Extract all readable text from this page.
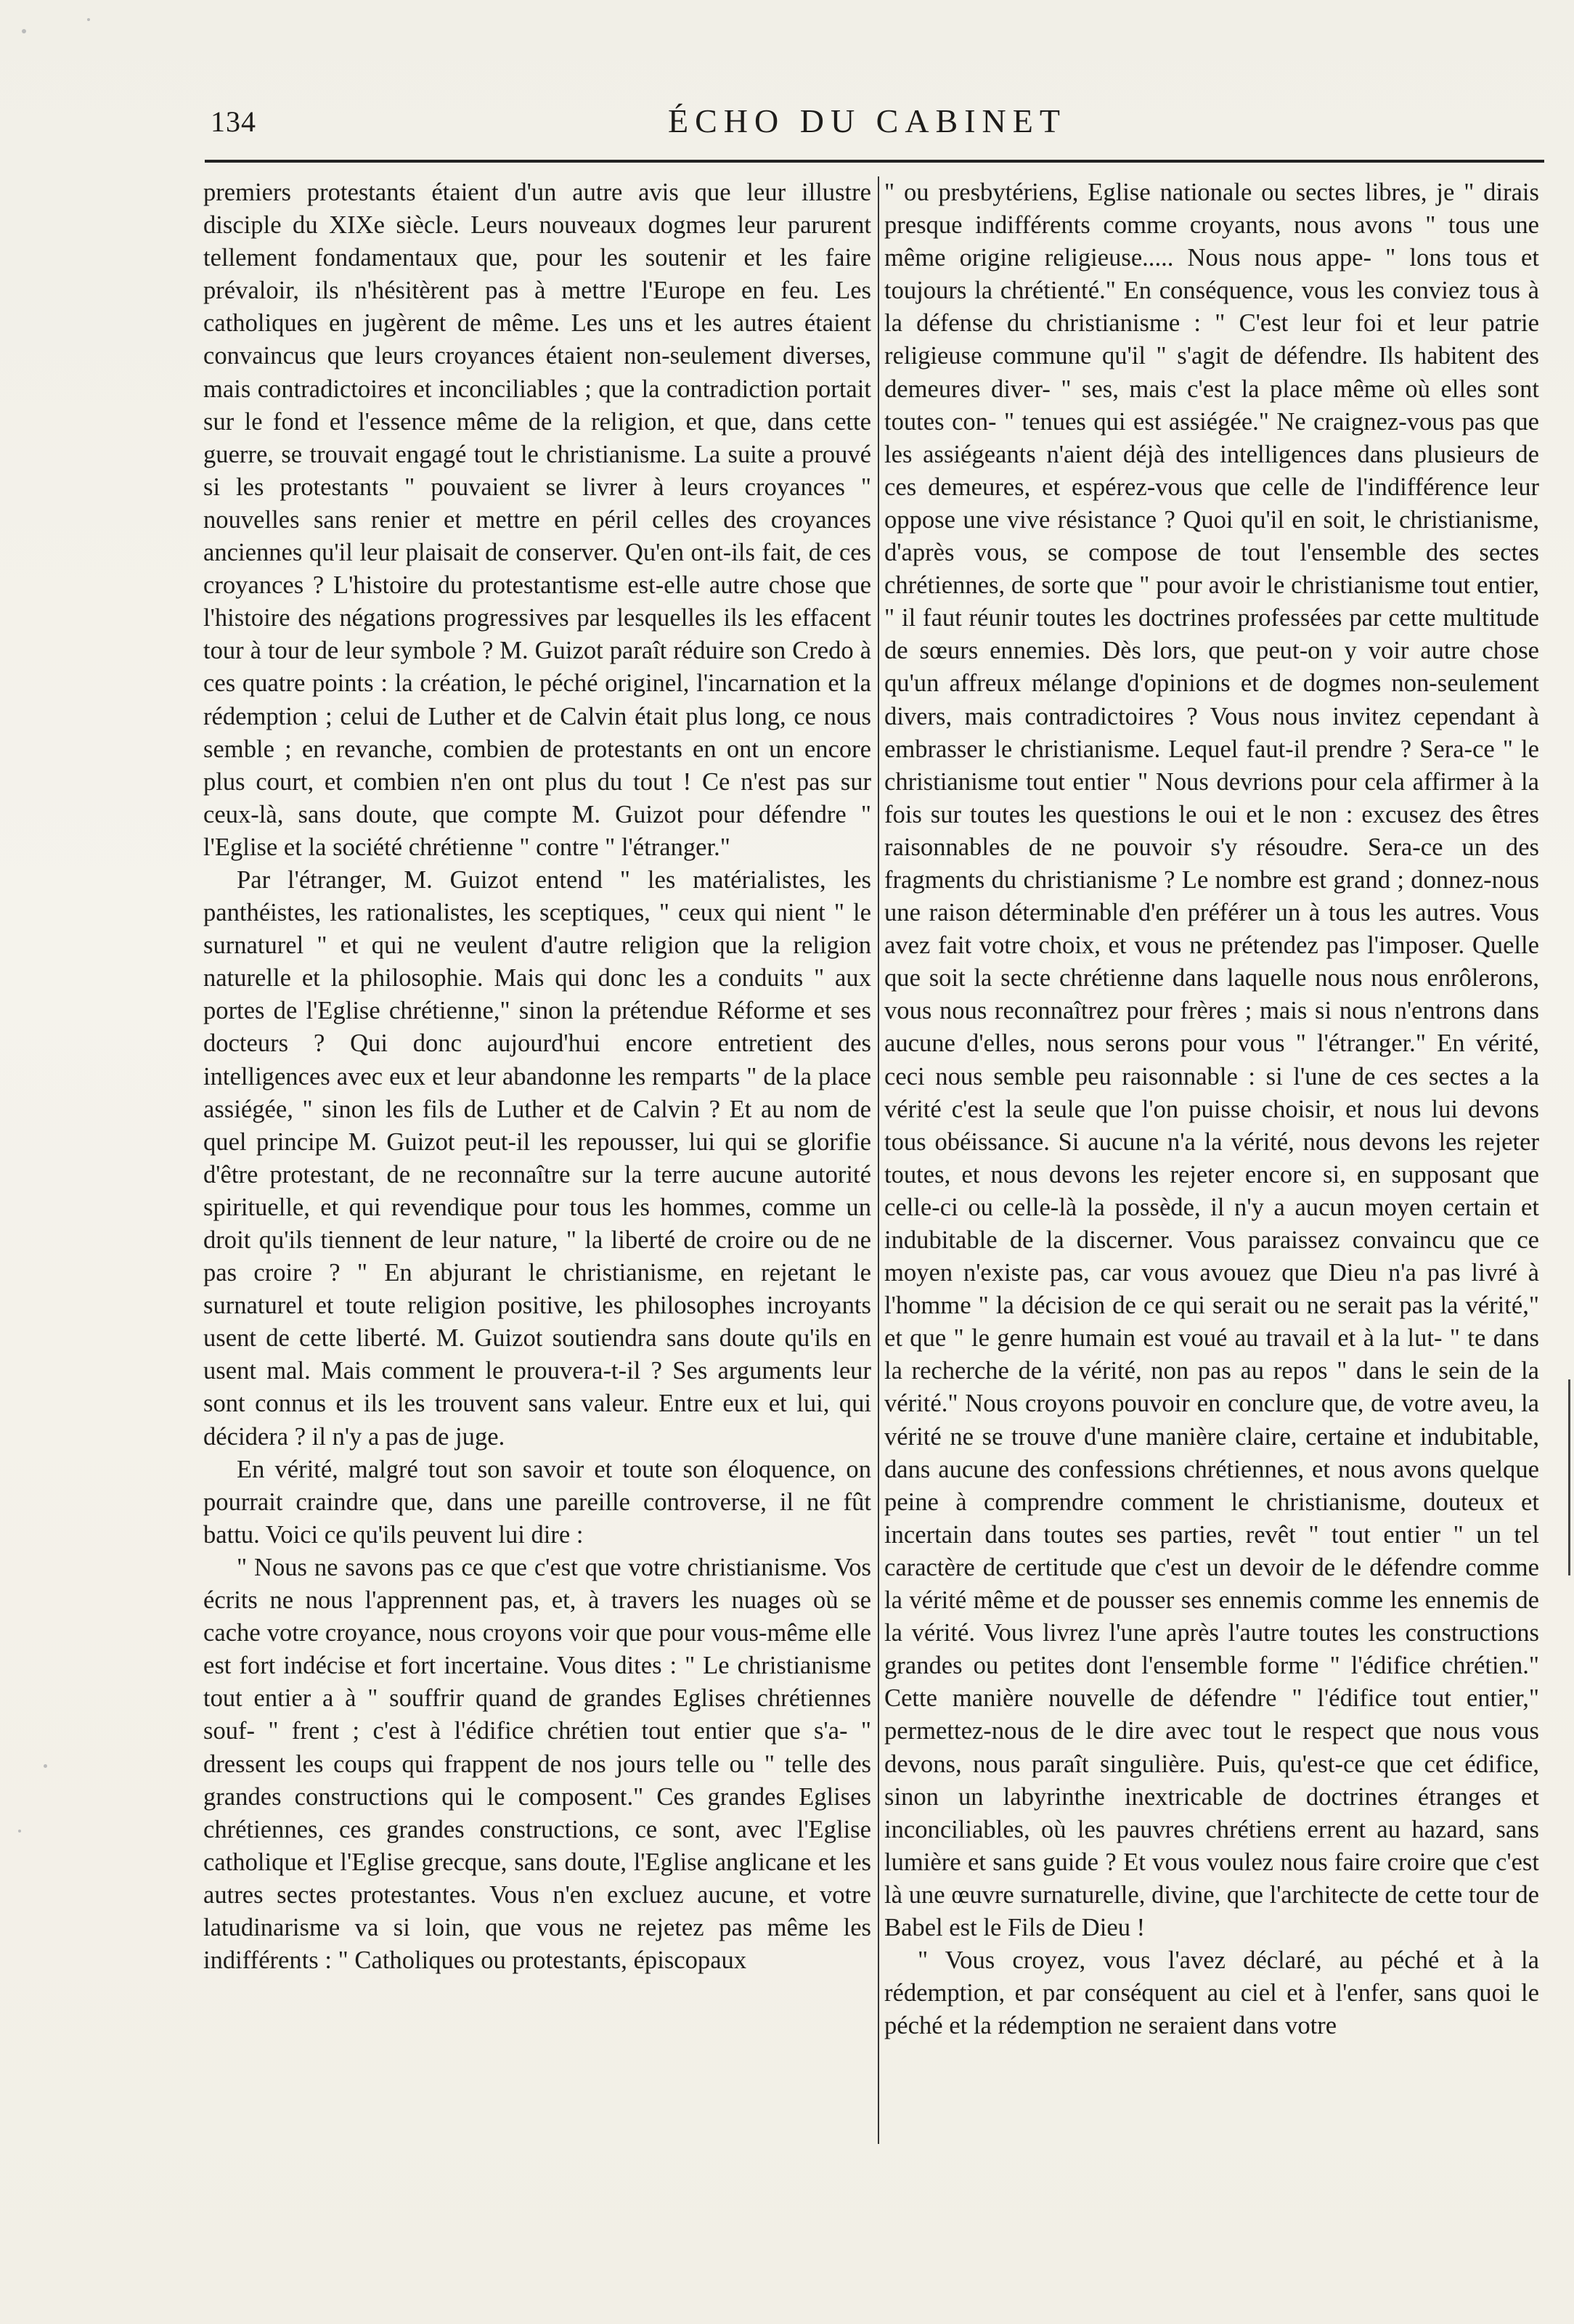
134	ÉCHO DU CABINET

premiers protestants étaient d'un autre avis que leur illustre disciple du XIXe siècle. Leurs nouveaux dogmes leur parurent tellement fondamentaux que, pour les soutenir et les faire prévaloir, ils n'hésitèrent pas à mettre l'Europe en feu. Les catholiques en jugèrent de même. Les uns et les autres étaient convaincus que leurs croyances étaient non-seulement diverses, mais contradictoires et inconciliables ; que la contradiction portait sur le fond et l'essence même de la religion, et que, dans cette guerre, se trouvait engagé tout le christianisme. La suite a prouvé si les protestants " pouvaient se livrer à leurs croyances " nouvelles sans renier et mettre en péril celles des croyances anciennes qu'il leur plaisait de conserver. Qu'en ont-ils fait, de ces croyances ? L'histoire du protestantisme est-elle autre chose que l'histoire des négations progressives par lesquelles ils les effacent tour à tour de leur symbole ? M. Guizot paraît réduire son Credo à ces quatre points : la création, le péché originel, l'incarnation et la rédemption ; celui de Luther et de Calvin était plus long, ce nous semble ; en revanche, combien de protestants en ont un encore plus court, et combien n'en ont plus du tout ! Ce n'est pas sur ceux-là, sans doute, que compte M. Guizot pour défendre " l'Eglise et la société chrétienne " contre " l'étranger."

Par l'étranger, M. Guizot entend " les matérialistes, les panthéistes, les rationalistes, les sceptiques, " ceux qui nient " le surnaturel " et qui ne veulent d'autre religion que la religion naturelle et la philosophie. Mais qui donc les a conduits " aux portes de l'Eglise chrétienne," sinon la prétendue Réforme et ses docteurs ? Qui donc aujourd'hui encore entretient des intelligences avec eux et leur abandonne les remparts " de la place assiégée, " sinon les fils de Luther et de Calvin ? Et au nom de quel principe M. Guizot peut-il les repousser, lui qui se glorifie d'être protestant, de ne reconnaître sur la terre aucune autorité spirituelle, et qui revendique pour tous les hommes, comme un droit qu'ils tiennent de leur nature, " la liberté de croire ou de ne pas croire ? " En abjurant le christianisme, en rejetant le surnaturel et toute religion positive, les philosophes incroyants usent de cette liberté. M. Guizot soutiendra sans doute qu'ils en usent mal. Mais comment le prouvera-t-il ? Ses arguments leur sont connus et ils les trouvent sans valeur. Entre eux et lui, qui décidera ? il n'y a pas de juge.

En vérité, malgré tout son savoir et toute son éloquence, on pourrait craindre que, dans une pareille controverse, il ne fût battu. Voici ce qu'ils peuvent lui dire :

" Nous ne savons pas ce que c'est que votre christianisme. Vos écrits ne nous l'apprennent pas, et, à travers les nuages où se cache votre croyance, nous croyons voir que pour vous-même elle est fort indécise et fort incertaine. Vous dites : " Le christianisme tout entier a à " souffrir quand de grandes Eglises chrétiennes souf- " frent ; c'est à l'édifice chrétien tout entier que s'a- " dressent les coups qui frappent de nos jours telle ou " telle des grandes constructions qui le composent." Ces grandes Eglises chrétiennes, ces grandes constructions, ce sont, avec l'Eglise catholique et l'Eglise grecque, sans doute, l'Eglise anglicane et les autres sectes protestantes. Vous n'en excluez aucune, et votre latudinarisme va si loin, que vous ne rejetez pas même les indifférents : " Catholiques ou protestants, épiscopaux

" ou presbytériens, Eglise nationale ou sectes libres, je " dirais presque indifférents comme croyants, nous avons " tous une même origine religieuse..... Nous nous appe- " lons tous et toujours la chrétienté." En conséquence, vous les conviez tous à la défense du christianisme : " C'est leur foi et leur patrie religieuse commune qu'il " s'agit de défendre. Ils habitent des demeures diver- " ses, mais c'est la place même où elles sont toutes con- " tenues qui est assiégée." Ne craignez-vous pas que les assiégeants n'aient déjà des intelligences dans plusieurs de ces demeures, et espérez-vous que celle de l'indifférence leur oppose une vive résistance ? Quoi qu'il en soit, le christianisme, d'après vous, se compose de tout l'ensemble des sectes chrétiennes, de sorte que " pour avoir le christianisme tout entier, " il faut réunir toutes les doctrines professées par cette multitude de sœurs ennemies. Dès lors, que peut-on y voir autre chose qu'un affreux mélange d'opinions et de dogmes non-seulement divers, mais contradictoires ? Vous nous invitez cependant à embrasser le christianisme. Lequel faut-il prendre ? Sera-ce " le christianisme tout entier " Nous devrions pour cela affirmer à la fois sur toutes les questions le oui et le non : excusez des êtres raisonnables de ne pouvoir s'y résoudre. Sera-ce un des fragments du christianisme ? Le nombre est grand ; donnez-nous une raison déterminable d'en préférer un à tous les autres. Vous avez fait votre choix, et vous ne prétendez pas l'imposer. Quelle que soit la secte chrétienne dans laquelle nous nous enrôlerons, vous nous reconnaîtrez pour frères ; mais si nous n'entrons dans aucune d'elles, nous serons pour vous " l'étranger." En vérité, ceci nous semble peu raisonnable : si l'une de ces sectes a la vérité c'est la seule que l'on puisse choisir, et nous lui devons tous obéissance. Si aucune n'a la vérité, nous devons les rejeter toutes, et nous devons les rejeter encore si, en supposant que celle-ci ou celle-là la possède, il n'y a aucun moyen certain et indubitable de la discerner. Vous paraissez convaincu que ce moyen n'existe pas, car vous avouez que Dieu n'a pas livré à l'homme " la décision de ce qui serait ou ne serait pas la vérité," et que " le genre humain est voué au travail et à la lut- " te dans la recherche de la vérité, non pas au repos " dans le sein de la vérité." Nous croyons pouvoir en conclure que, de votre aveu, la vérité ne se trouve d'une manière claire, certaine et indubitable, dans aucune des confessions chrétiennes, et nous avons quelque peine à comprendre comment le christianisme, douteux et incertain dans toutes ses parties, revêt " tout entier " un tel caractère de certitude que c'est un devoir de le défendre comme la vérité même et de pousser ses ennemis comme les ennemis de la vérité. Vous livrez l'une après l'autre toutes les constructions grandes ou petites dont l'ensemble forme " l'édifice chrétien." Cette manière nouvelle de défendre " l'édifice tout entier," permettez-nous de le dire avec tout le respect que nous vous devons, nous paraît singulière. Puis, qu'est-ce que cet édifice, sinon un labyrinthe inextricable de doctrines étranges et inconciliables, où les pauvres chrétiens errent au hazard, sans lumière et sans guide ? Et vous voulez nous faire croire que c'est là une œuvre surnaturelle, divine, que l'architecte de cette tour de Babel est le Fils de Dieu !

" Vous croyez, vous l'avez déclaré, au péché et à la rédemption, et par conséquent au ciel et à l'enfer, sans quoi le péché et la rédemption ne seraient dans votre
